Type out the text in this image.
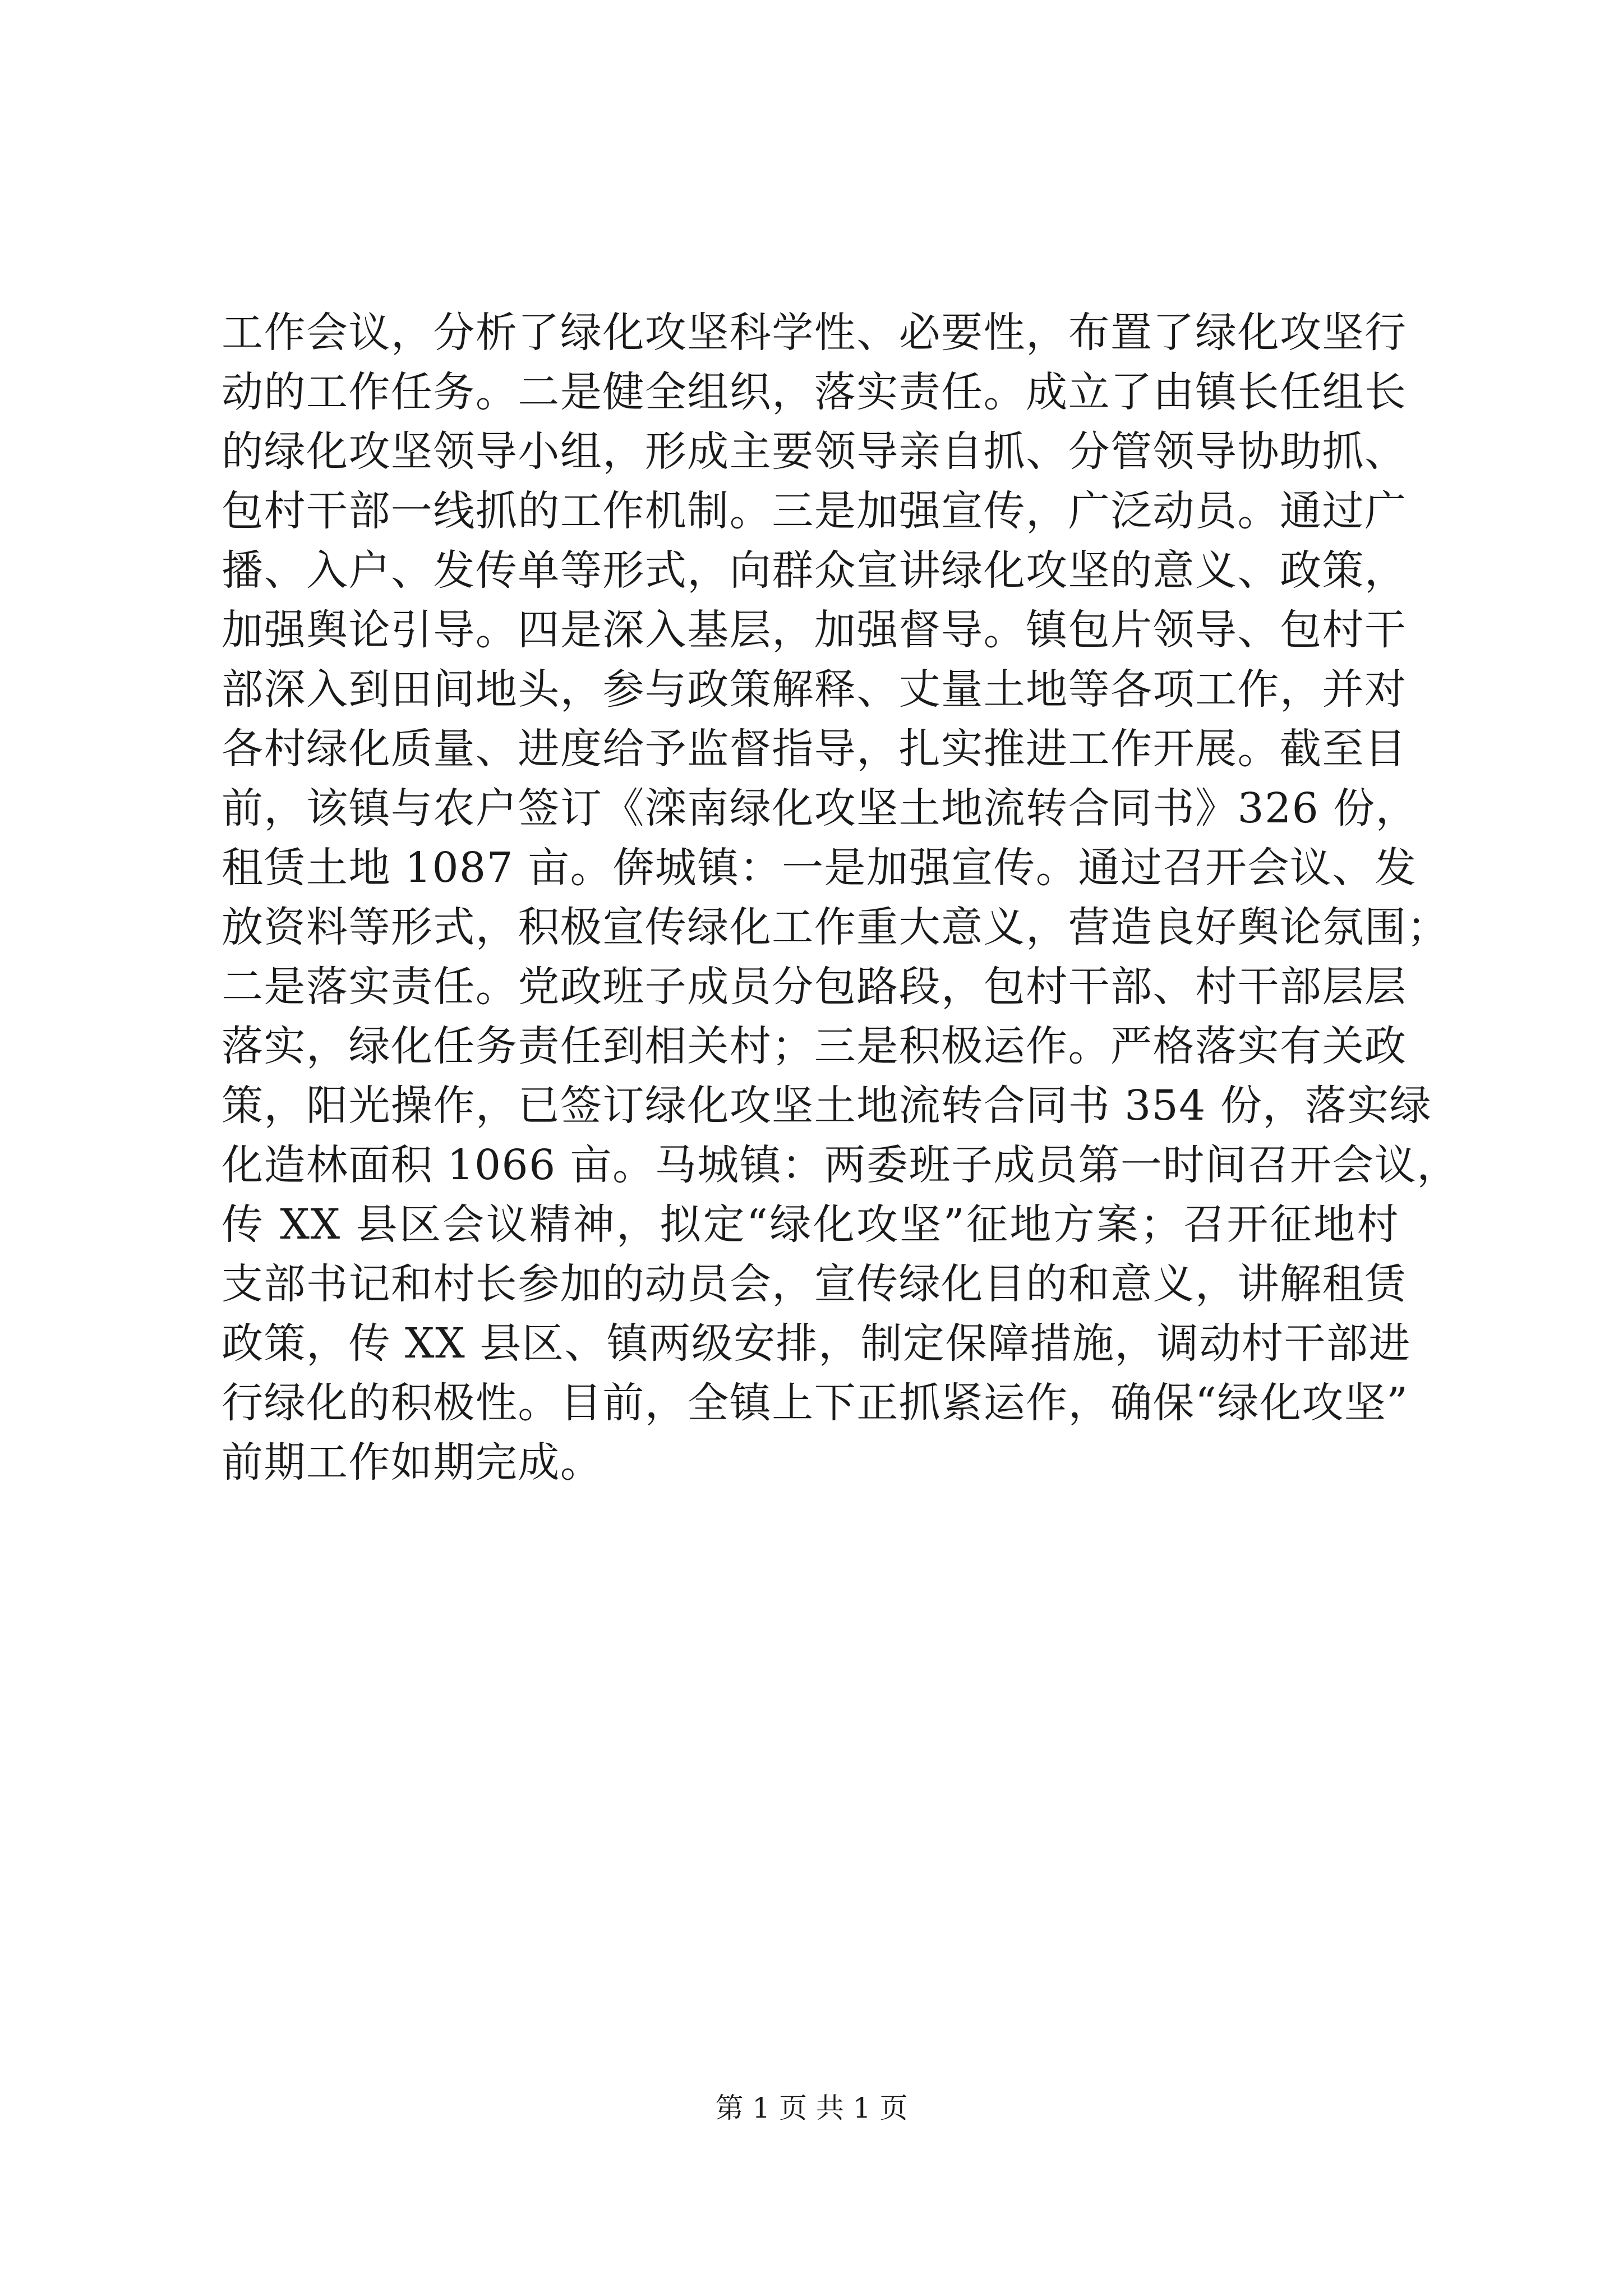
工作会议，分析了绿化攻坚科学性、必要性，布置了绿化攻坚行
动的工作任务。二是健全组织，落实责任。成立了由镇长任组长
的绿化攻坚领导小组，形成主要领导亲自抓、分管领导协助抓、
包村干部一线抓的工作机制。三是加强宣传，广泛动员。通过广
播、入户、发传单等形式，向群众宣讲绿化攻坚的意义、政策，
加强舆论引导。四是深入基层，加强督导。镇包片领导、包村干
部深入到田间地头，参与政策解释、丈量土地等各项工作，并对
各村绿化质量、进度给予监督指导，扎实推进工作开展。截至目
前，该镇与农户签订《滦南绿化攻坚土地流转合同书》326 份，
租赁土地 1087 亩。倴城镇：一是加强宣传。通过召开会议、发
放资料等形式，积极宣传绿化工作重大意义，营造良好舆论氛围；
二是落实责任。党政班子成员分包路段，包村干部、村干部层层
落实，绿化任务责任到相关村；三是积极运作。严格落实有关政
策，阳光操作，已签订绿化攻坚土地流转合同书 354 份，落实绿
化造林面积 1066 亩。马城镇：两委班子成员第一时间召开会议，
传 XX 县区会议精神，拟定“绿化攻坚”征地方案；召开征地村
支部书记和村长参加的动员会，宣传绿化目的和意义，讲解租赁
政策，传 XX 县区、镇两级安排，制定保障措施，调动村干部进
行绿化的积极性。目前，全镇上下正抓紧运作，确保“绿化攻坚”
前期工作如期完成。
第 1 页 共 1 页
